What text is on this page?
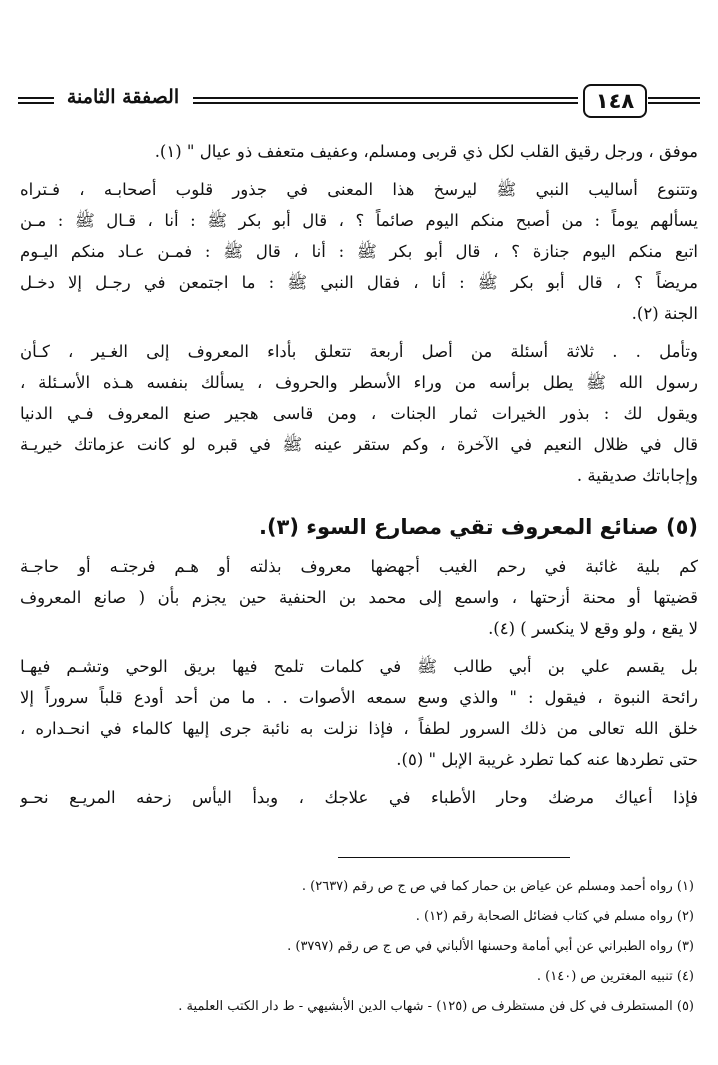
١٤٨
الصفقة الثامنة
موفق ، ورجل رقيق القلب لكل ذي قربى ومسلم، وعفيف متعفف ذو عيال " (١).
وتتنوع أساليب النبي ﷺ ليرسخ هذا المعنى في جذور قلوب أصحابـه ، فـتراه
يسألهم يوماً : من أصبح منكم اليوم صائماً ؟ ، قال أبو بكر ﷺ : أنا ، قـال ﷺ : مـن
اتبع منكم اليوم جنازة ؟ ، قال أبو بكر ﷺ : أنا ، قال ﷺ : فمـن عـاد منكم اليـوم
مريضاً ؟ ، قال أبو بكر ﷺ : أنا ، فقال النبي ﷺ : ما اجتمعن في رجـل إلا دخـل
الجنة (٢).
وتأمل . . ثلاثة أسئلة من أصل أربعة تتعلق بأداء المعروف إلى الغـير ، كـأن
رسول الله ﷺ يطل برأسه من وراء الأسطر والحروف ، يسألك بنفسه هـذه الأسـئلة ،
ويقول لك : بذور الخيرات ثمار الجنات ، ومن قاسى هجير صنع المعروف فـي الدنيا
قال في ظلال النعيم في الآخرة ، وكم ستقر عينه ﷺ في قبره لو كانت عزماتك خيريـة
وإجاباتك صديقية .
(٥) صنائع المعروف تقي مصارع السوء (٣).
كم بلية غائبة في رحم الغيب أجهضها معروف بذلته أو هـم فرجتـه أو حاجـة
قضيتها أو محنة أزحتها ، واسمع إلى محمد بن الحنفية حين يجزم بأن ( صانع المعروف
لا يقع ، ولو وقع لا ينكسر ) (٤).
بل يقسم علي بن أبي طالب ﷺ في كلمات تلمح فيها بريق الوحي وتشـم فيهـا
رائحة النبوة ، فيقول : " والذي وسع سمعه الأصوات . . ما من أحد أودع قلباً سروراً إلا
خلق الله تعالى من ذلك السرور لطفاً ، فإذا نزلت به نائبة جرى إليها كالماء في انحـداره ،
حتى تطردها عنه كما تطرد غريبة الإبل " (٥).
فإذا أعياك مرضك وحار الأطباء في علاجك ، وبدأ اليأس زحفه المريـع نحـو
(١) رواه أحمد ومسلم عن عياض بن حمار كما في ص ج ص رقم (٢٦٣٧) .
(٢) رواه مسلم في كتاب فضائل الصحابة رقم (١٢) .
(٣) رواه الطبراني عن أبي أمامة وحسنها الألباني في ص ج ص رقم (٣٧٩٧) .
(٤) تنبيه المغترين ص (١٤٠) .
(٥) المستطرف في كل فن مستظرف ص (١٢٥) - شهاب الدين الأبشيهي - ط دار الكتب العلمية .
